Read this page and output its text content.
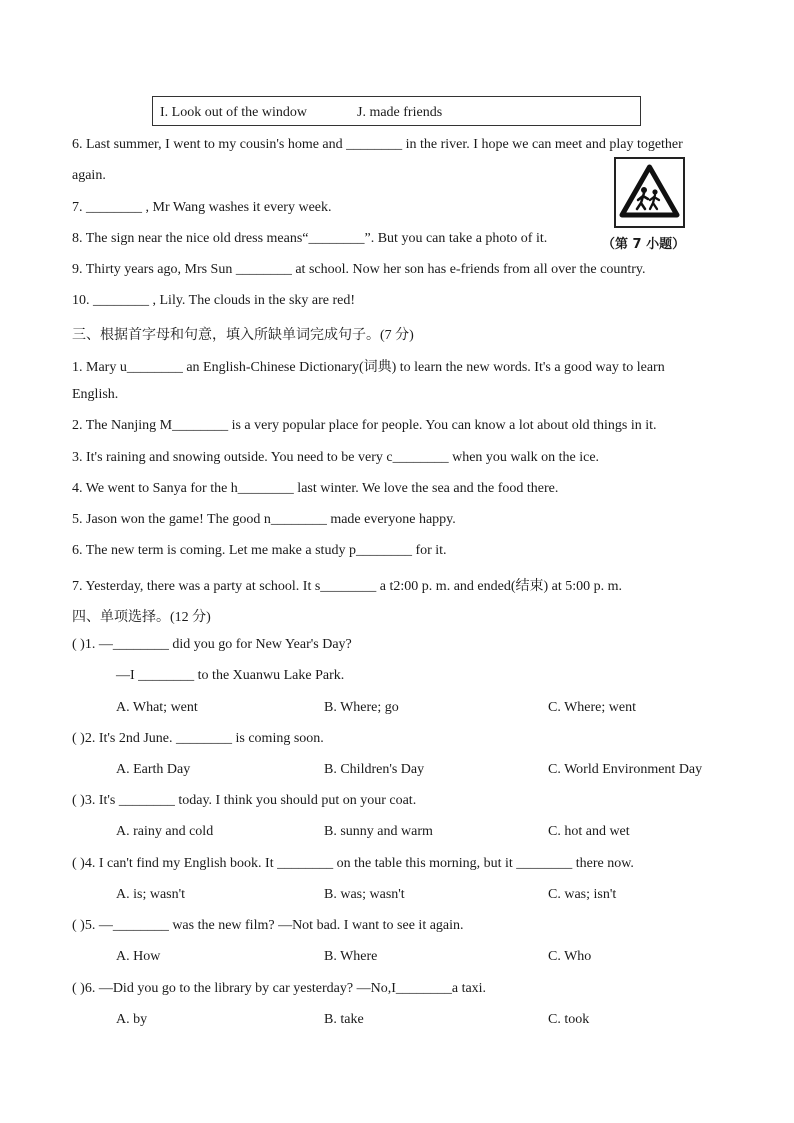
I. Look out of the window	J. made friends
6. Last summer, I went to my cousin's home and ________ in the river. I hope we can meet and play together
again.
7. ________ , Mr Wang washes it every week.
8. The sign near the nice old dress means“________”. But you can take a photo of it.
9. Thirty years ago, Mrs Sun ________ at school. Now her son has e-friends from all over the country.
10. ________ , Lily. The clouds in the sky are red!
（第 7 小题）
三、根据首字母和句意，填入所缺单词完成句子。(7 分)
1. Mary u________ an English-Chinese Dictionary(词典) to learn the new words. It's a good way to learn
English.
2. The Nanjing M________ is a very popular place for people. You can know a lot about old things in it.
3. It's raining and snowing outside. You need to be very c________ when you walk on the ice.
4. We went to Sanya for the h________ last winter. We love the sea and the food there.
5. Jason won the game! The good n________ made everyone happy.
6. The new term is coming. Let me make a study p________ for it.
7. Yesterday, there was a party at school. It s________ a t2:00 p. m. and ended(结束) at 5:00 p. m.
四、单项选择。(12 分)
( )1. —________ did you go for New Year's Day?
—I ________ to the Xuanwu Lake Park.
A. What; went	B. Where; go	C. Where; went
( )2. It's 2nd June. ________ is coming soon.
A. Earth Day	B. Children's Day	C. World Environment Day
( )3. It's ________ today. I think you should put on your coat.
A. rainy and cold	B. sunny and warm	C. hot and wet
( )4. I can't find my English book. It ________ on the table this morning, but it ________ there now.
A. is; wasn't	B. was; wasn't	C. was; isn't
( )5. —________ was the new film? —Not bad. I want to see it again.
A. How	B. Where	C. Who
( )6. —Did you go to the library by car yesterday? —No,I________a taxi.
A. by	B. take	C. took
